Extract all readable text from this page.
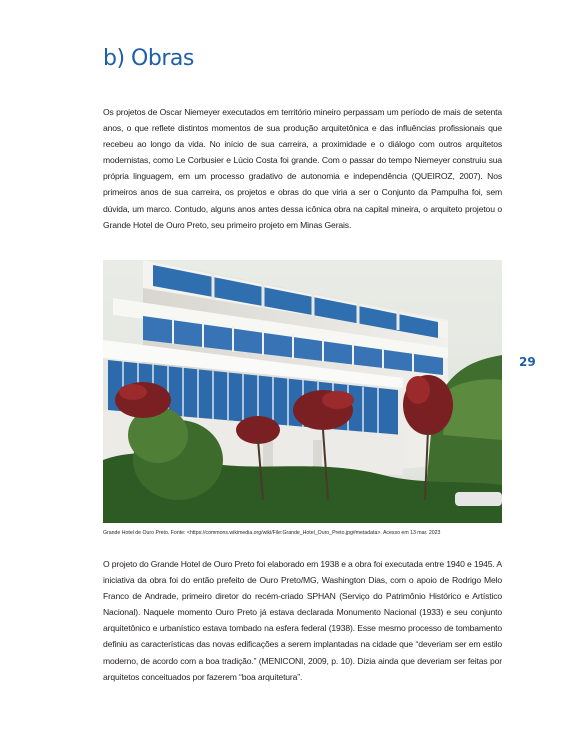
b) Obras

Os projetos de Oscar Niemeyer executados em território mineiro perpassam um período de mais de setenta anos, o que reflete distintos momentos de sua produção arquitetônica e das influências profissionais que recebeu ao longo da vida. No início de sua carreira, a proximidade e o diálogo com outros arquitetos modernistas, como Le Corbusier e Lúcio Costa foi grande. Com o passar do tempo Niemeyer construiu sua própria linguagem, em um processo gradativo de autonomia e independência (QUEIROZ, 2007). Nos primeiros anos de sua carreira, os projetos e obras do que viria a ser o Conjunto da Pampulha foi, sem dúvida, um marco. Contudo, alguns anos antes dessa icônica obra na capital mineira, o arquiteto projetou o Grande Hotel de Ouro Preto, seu primeiro projeto em Minas Gerais.

Grande Hotel de Ouro Preto. Fonte: <https://commons.wikimedia.org/wiki/File:Grande_Hotel_Ouro_Preto.jpg#metadata>. Acesso em 13 mar. 2023

29

O projeto do Grande Hotel de Ouro Preto foi elaborado em 1938 e a obra foi executada entre 1940 e 1945. A iniciativa da obra foi do então prefeito de Ouro Preto/MG, Washington Dias, com o apoio de Rodrigo Melo Franco de Andrade, primeiro diretor do recém-criado SPHAN (Serviço do Patrimônio Histórico e Artístico Nacional). Naquele momento Ouro Preto já estava declarada Monumento Nacional (1933) e seu conjunto arquitetônico e urbanístico estava tombado na esfera federal (1938). Esse mesmo processo de tombamento definiu as características das novas edificações a serem implantadas na cidade que “deveriam ser em estilo moderno, de acordo com a boa tradição.” (MENICONI, 2009, p. 10). Dizia ainda que deveriam ser feitas por arquitetos conceituados por fazerem “boa arquitetura”.
